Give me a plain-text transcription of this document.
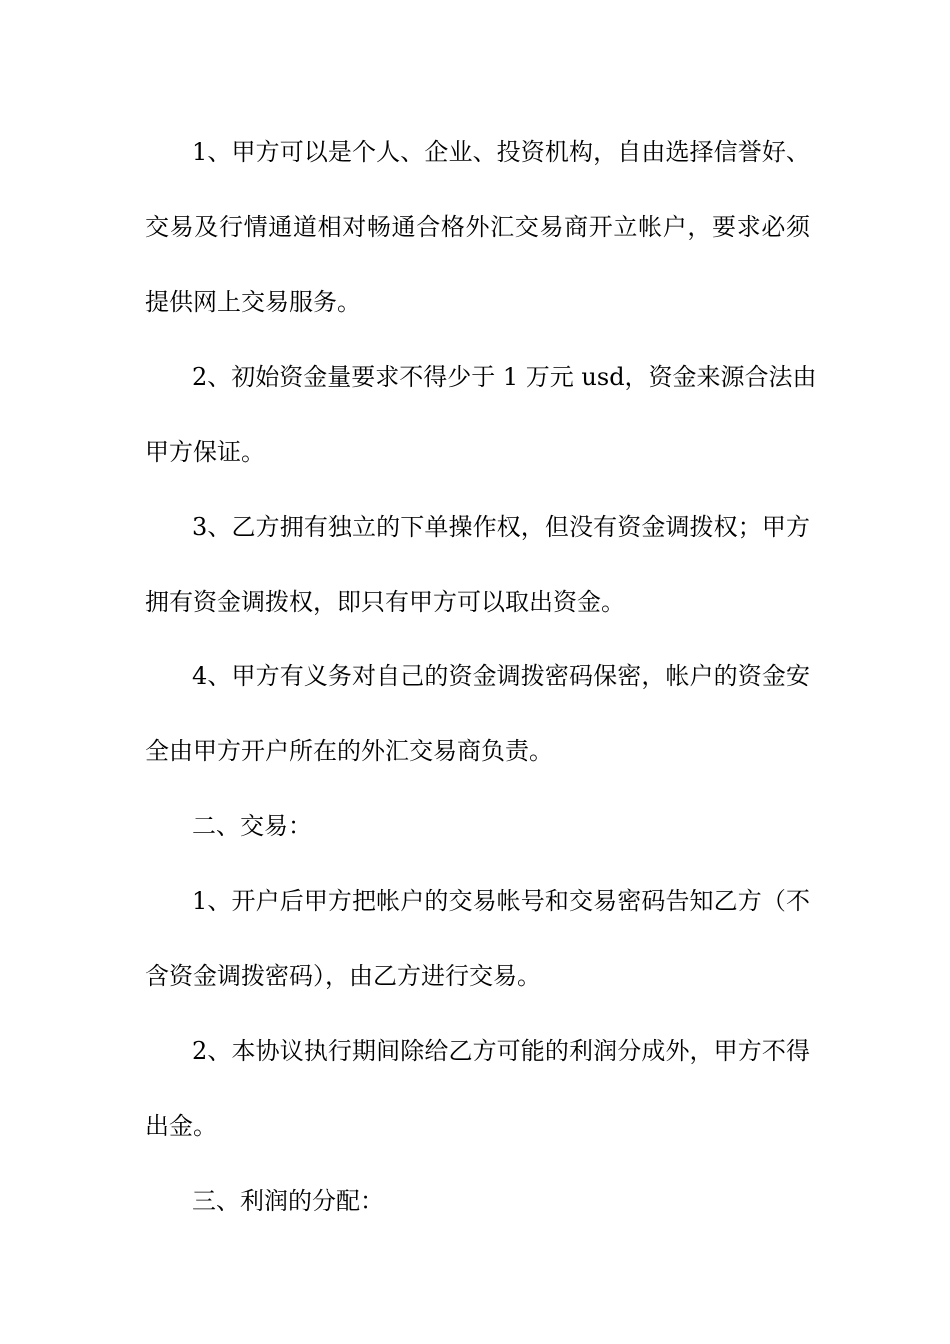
1、甲方可以是个人、企业、投资机构，自由选择信誉好、
交易及行情通道相对畅通合格外汇交易商开立帐户，要求必须
提供网上交易服务。
2、初始资金量要求不得少于 1 万元 usd，资金来源合法由
甲方保证。
3、乙方拥有独立的下单操作权，但没有资金调拨权；甲方
拥有资金调拨权，即只有甲方可以取出资金。
4、甲方有义务对自己的资金调拨密码保密，帐户的资金安
全由甲方开户所在的外汇交易商负责。
二、交易：
1、开户后甲方把帐户的交易帐号和交易密码告知乙方（不
含资金调拨密码），由乙方进行交易。
2、本协议执行期间除给乙方可能的利润分成外，甲方不得
出金。
三、利润的分配：
